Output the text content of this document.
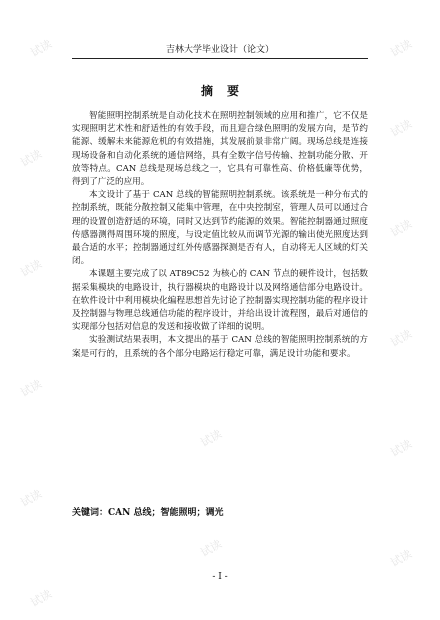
试读	试读
试读
试读
试读
试读
试读
试读
试读	试读
试读
试读	试读
试读
吉林大学毕业设计（论文）
摘要

智能照明控制系统是自动化技术在照明控制领域的应用和推广，它不仅是实现照明艺术性和舒适性的有效手段，而且迎合绿色照明的发展方向，是节约能源、缓解未来能源危机的有效措施，其发展前景非常广阔。现场总线是连接现场设备和自动化系统的通信网络，具有全数字信号传输、控制功能分散、开放等特点。CAN 总线是现场总线之一，它具有可靠性高、价格低廉等优势，得到了广泛的应用。

本文设计了基于 CAN 总线的智能照明控制系统。该系统是一种分布式的控制系统，既能分散控制又能集中管理，在中央控制室，管理人员可以通过合理的设置创造舒适的环境，同时又达到节约能源的效果。智能控制器通过照度传感器测得周围环境的照度，与设定值比较从而调节光源的输出使光照度达到最合适的水平；控制器通过红外传感器探测是否有人，自动将无人区域的灯关闭。

本课题主要完成了以 AT89C52 为核心的 CAN 节点的硬件设计，包括数据采集模块的电路设计，执行器模块的电路设计以及网络通信部分电路设计。在软件设计中利用模块化编程思想首先讨论了控制器实现控制功能的程序设计及控制器与物理总线通信功能的程序设计，并给出设计流程图，最后对通信的实现部分包括对信息的发送和接收做了详细的说明。

实验测试结果表明，本文提出的基于 CAN 总线的智能照明控制系统的方案是可行的，且系统的各个部分电路运行稳定可靠，满足设计功能和要求。

关键词：CAN 总线；智能照明；调光
- I -
